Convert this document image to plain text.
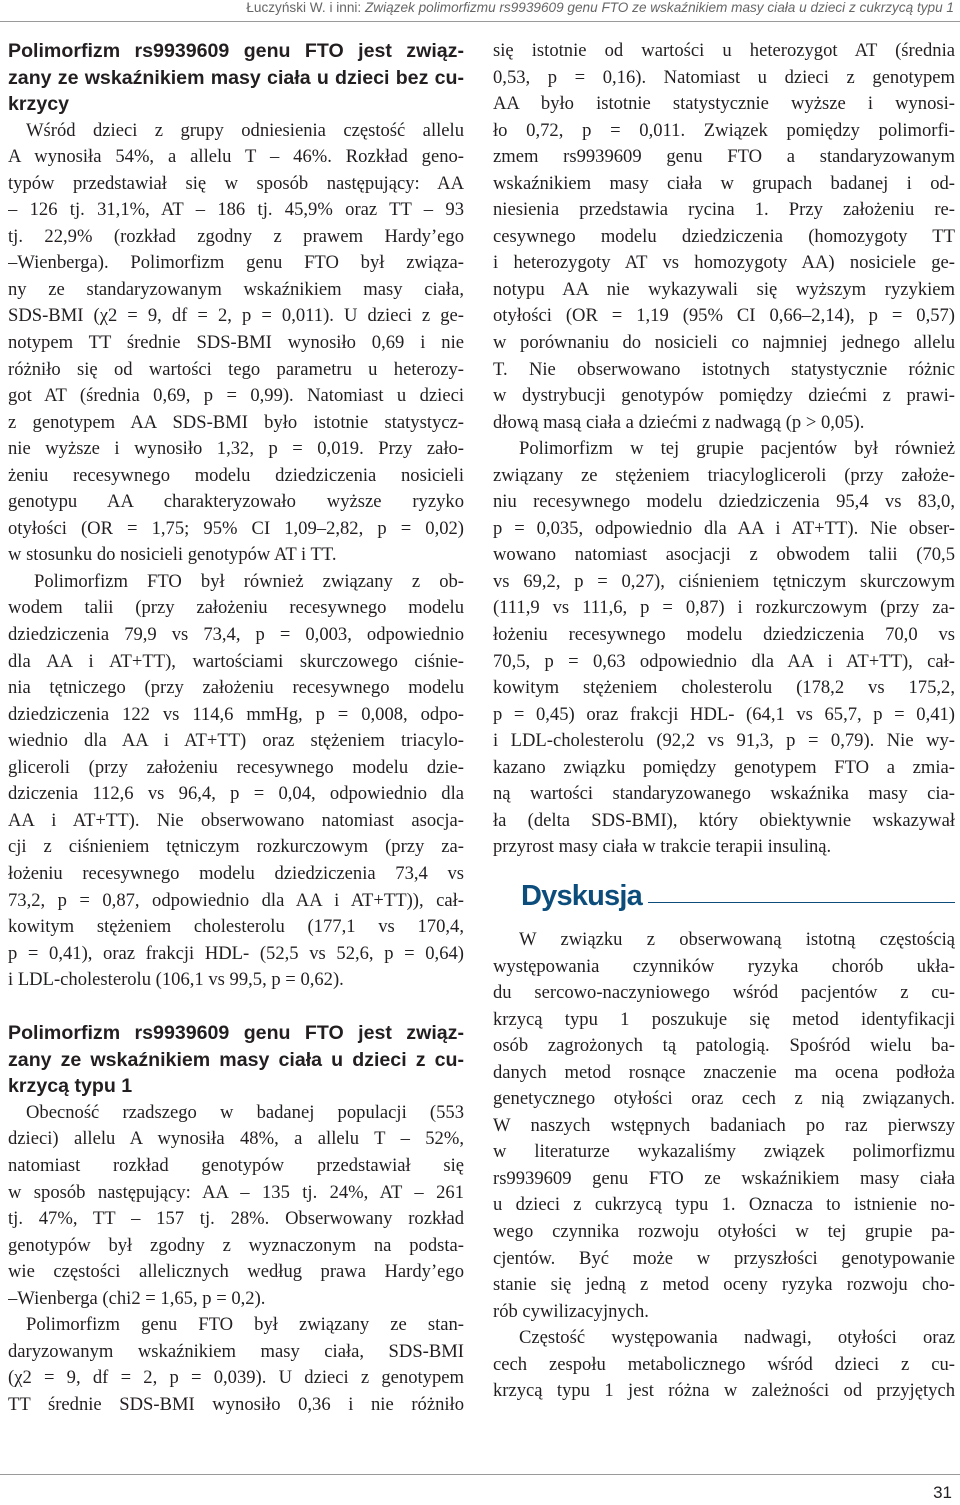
Łuczyński W. i inni: Związek polimorfizmu rs9939609 genu FTO ze wskaźnikiem masy ciała u dzieci z cukrzycą typu 1
Polimorfizm rs9939609 genu FTO jest związ-
zany ze wskaźnikiem masy ciała u dzieci bez cu-
krzycy
Wśród dzieci z grupy odniesienia częstość allelu
A wynosiła 54%, a allelu T – 46%. Rozkład geno-
typów przedstawiał się w sposób następujący: AA
– 126 tj. 31,1%, AT – 186 tj. 45,9% oraz TT – 93
tj. 22,9% (rozkład zgodny z prawem Hardy’ego
–Wienberga). Polimorfizm genu FTO był związa-
ny ze standaryzowanym wskaźnikiem masy ciała,
SDS-BMI (χ2 = 9, df = 2, p = 0,011). U dzieci z ge-
notypem TT średnie SDS-BMI wynosiło 0,69 i nie
różniło się od wartości tego parametru u heterozy-
got AT (średnia 0,69, p = 0,99). Natomiast u dzieci
z genotypem AA SDS-BMI było istotnie statystycz-
nie wyższe i wynosiło 1,32, p = 0,019. Przy zało-
żeniu recesywnego modelu dziedziczenia nosicieli
genotypu AA charakteryzowało wyższe ryzyko
otyłości (OR = 1,75; 95% CI 1,09–2,82, p = 0,02)
w stosunku do nosicieli genotypów AT i TT.
Polimorfizm FTO był również związany z ob-
wodem talii (przy założeniu recesywnego modelu
dziedziczenia 79,9 vs 73,4, p = 0,003, odpowiednio
dla AA i AT+TT), wartościami skurczowego ciśnie-
nia tętniczego (przy założeniu recesywnego modelu
dziedziczenia 122 vs 114,6 mmHg, p = 0,008, odpo-
wiednio dla AA i AT+TT) oraz stężeniem triacylo-
gliceroli (przy założeniu recesywnego modelu dzie-
dziczenia 112,6 vs 96,4, p = 0,04, odpowiednio dla
AA i AT+TT). Nie obserwowano natomiast asocja-
cji z ciśnieniem tętniczym rozkurczowym (przy za-
łożeniu recesywnego modelu dziedziczenia 73,4 vs
73,2, p = 0,87, odpowiednio dla AA i AT+TT)), cał-
kowitym stężeniem cholesterolu (177,1 vs 170,4,
p = 0,41), oraz frakcji HDL- (52,5 vs 52,6, p = 0,64)
i LDL-cholesterolu (106,1 vs 99,5, p = 0,62).
Polimorfizm rs9939609 genu FTO jest związ-
zany ze wskaźnikiem masy ciała u dzieci z cu-
krzycą typu 1
Obecność rzadszego w badanej populacji (553
dzieci) allelu A wynosiła 48%, a allelu T – 52%,
natomiast rozkład genotypów przedstawiał się
w sposób następujący: AA – 135 tj. 24%, AT – 261
tj. 47%, TT – 157 tj. 28%. Obserwowany rozkład
genotypów był zgodny z wyznaczonym na podsta-
wie częstości allelicznych według prawa Hardy’ego
–Wienberga (chi2 = 1,65, p = 0,2).
Polimorfizm genu FTO był związany ze stan-
daryzowanym wskaźnikiem masy ciała, SDS-BMI
(χ2 = 9, df = 2, p = 0,039). U dzieci z genotypem
TT średnie SDS-BMI wynosiło 0,36 i nie różniło
się istotnie od wartości u heterozygot AT (średnia
0,53, p = 0,16). Natomiast u dzieci z genotypem
AA było istotnie statystycznie wyższe i wynosi-
ło 0,72, p = 0,011. Związek pomiędzy polimorfi-
zmem rs9939609 genu FTO a standaryzowanym
wskaźnikiem masy ciała w grupach badanej i od-
niesienia przedstawia rycina 1. Przy założeniu re-
cesywnego modelu dziedziczenia (homozygoty TT
i heterozygoty AT vs homozygoty AA) nosiciele ge-
notypu AA nie wykazywali się wyższym ryzykiem
otyłości (OR = 1,19 (95% CI 0,66–2,14), p = 0,57)
w porównaniu do nosicieli co najmniej jednego allelu
T. Nie obserwowano istotnych statystycznie różnic
w dystrybucji genotypów pomiędzy dziećmi z prawi-
dłową masą ciała a dziećmi z nadwagą (p > 0,05).
Polimorfizm w tej grupie pacjentów był również
związany ze stężeniem triacylogliceroli (przy założe-
niu recesywnego modelu dziedziczenia 95,4 vs 83,0,
p = 0,035, odpowiednio dla AA i AT+TT). Nie obser-
wowano natomiast asocjacji z obwodem talii (70,5
vs 69,2, p = 0,27), ciśnieniem tętniczym skurczowym
(111,9 vs 111,6, p = 0,87) i rozkurczowym (przy za-
łożeniu recesywnego modelu dziedziczenia 70,0 vs
70,5, p = 0,63 odpowiednio dla AA i AT+TT), cał-
kowitym stężeniem cholesterolu (178,2 vs 175,2,
p = 0,45) oraz frakcji HDL- (64,1 vs 65,7, p = 0,41)
i LDL-cholesterolu (92,2 vs 91,3, p = 0,79). Nie wy-
kazano związku pomiędzy genotypem FTO a zmia-
ną wartości standaryzowanego wskaźnika masy cia-
ła (delta SDS-BMI), który obiektywnie wskazywał
przyrost masy ciała w trakcie terapii insuliną.
Dyskusja
W związku z obserwowaną istotną częstością
występowania czynników ryzyka chorób ukła-
du sercowo-naczyniowego wśród pacjentów z cu-
krzycą typu 1 poszukuje się metod identyfikacji
osób zagrożonych tą patologią. Spośród wielu ba-
danych metod rosnące znaczenie ma ocena podłoża
genetycznego otyłości oraz cech z nią związanych.
W naszych wstępnych badaniach po raz pierwszy
w literaturze wykazaliśmy związek polimorfizmu
rs9939609 genu FTO ze wskaźnikiem masy ciała
u dzieci z cukrzycą typu 1. Oznacza to istnienie no-
wego czynnika rozwoju otyłości w tej grupie pa-
cjentów. Być może w przyszłości genotypowanie
stanie się jedną z metod oceny ryzyka rozwoju cho-
rób cywilizacyjnych.
Częstość występowania nadwagi, otyłości oraz
cech zespołu metabolicznego wśród dzieci z cu-
krzycą typu 1 jest różna w zależności od przyjętych
31
